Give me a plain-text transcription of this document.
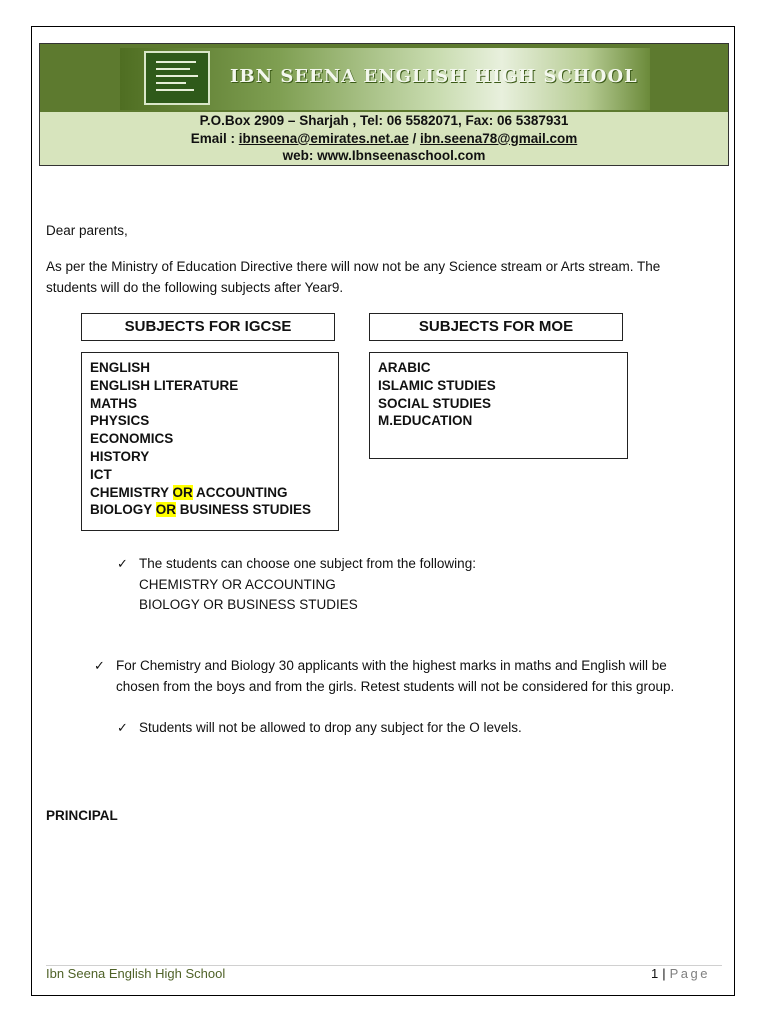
IBN SEENA ENGLISH HIGH SCHOOL
P.O.Box 2909 – Sharjah , Tel: 06 5582071, Fax: 06 5387931
Email : ibnseena@emirates.net.ae / ibn.seena78@gmail.com
web: www.Ibnseenaschool.com
Dear parents,
As per the Ministry of Education Directive there will now not be any Science stream or Arts stream. The
students will do the following subjects after Year9.
SUBJECTS FOR IGCSE
ENGLISH
ENGLISH LITERATURE
MATHS
PHYSICS
ECONOMICS
HISTORY
ICT
CHEMISTRY OR ACCOUNTING
BIOLOGY OR BUSINESS STUDIES
SUBJECTS FOR MOE
ARABIC
ISLAMIC STUDIES
SOCIAL STUDIES
M.EDUCATION
✓ The students can choose one subject from the following:
CHEMISTRY OR ACCOUNTING
BIOLOGY OR BUSINESS STUDIES
✓ For Chemistry and Biology 30 applicants with the highest marks in maths and English will be
chosen from the boys and from the girls. Retest students will not be considered for this group.
✓ Students will not be allowed to drop any subject for the O levels.
PRINCIPAL
Ibn Seena English High School	1 | Page
